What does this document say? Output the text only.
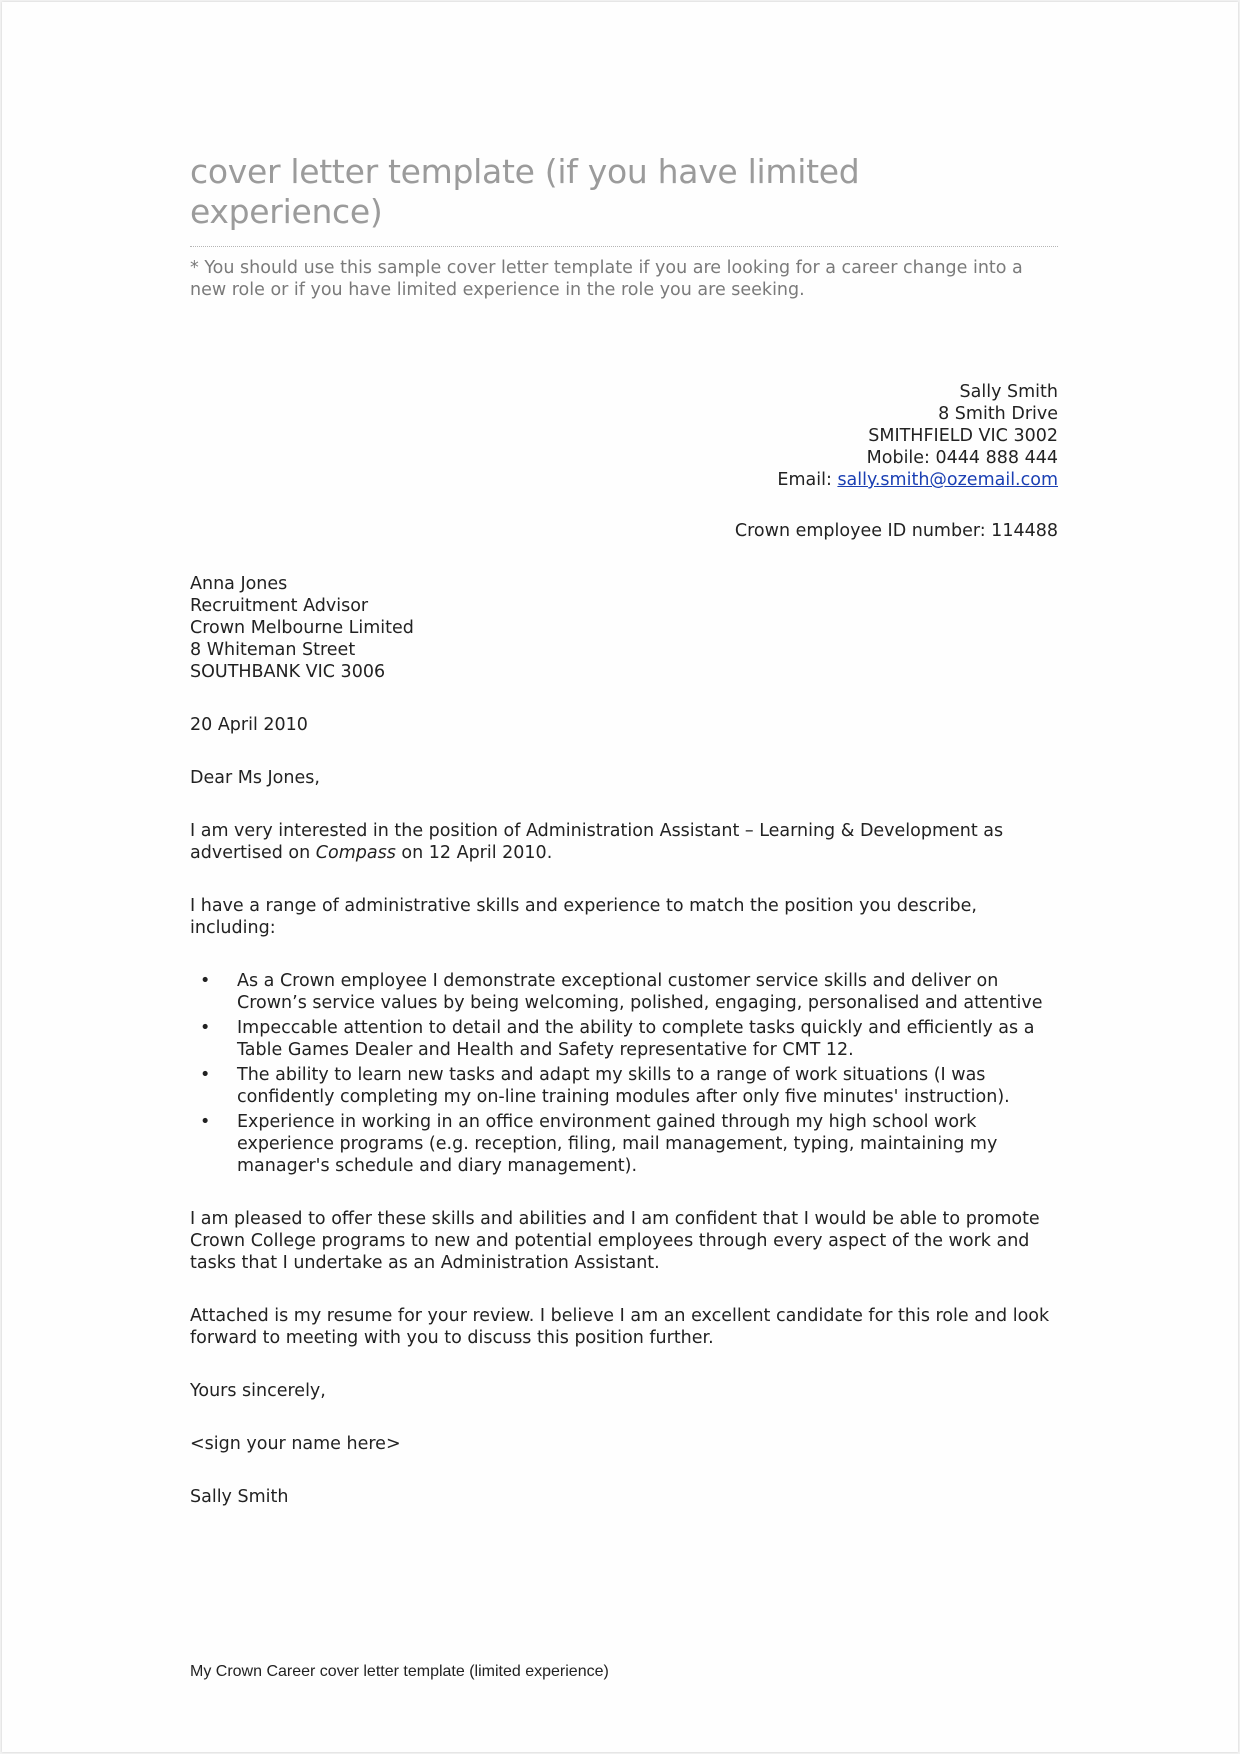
cover letter template (if you have limited experience)
* You should use this sample cover letter template if you are looking for a career change into a new role or if you have limited experience in the role you are seeking.
Sally Smith
8 Smith Drive
SMITHFIELD VIC 3002
Mobile: 0444 888 444
Email: sally.smith@ozemail.com
Crown employee ID number: 114488
Anna Jones
Recruitment Advisor
Crown Melbourne Limited
8 Whiteman Street
SOUTHBANK VIC 3006
20 April 2010
Dear Ms Jones,
I am very interested in the position of Administration Assistant – Learning & Development as advertised on Compass on 12 April 2010.
I have a range of administrative skills and experience to match the position you describe, including:
• As a Crown employee I demonstrate exceptional customer service skills and deliver on Crown’s service values by being welcoming, polished, engaging, personalised and attentive
• Impeccable attention to detail and the ability to complete tasks quickly and efficiently as a Table Games Dealer and Health and Safety representative for CMT 12.
• The ability to learn new tasks and adapt my skills to a range of work situations (I was confidently completing my on-line training modules after only five minutes' instruction).
• Experience in working in an office environment gained through my high school work experience programs (e.g. reception, filing, mail management, typing, maintaining my manager's schedule and diary management).
I am pleased to offer these skills and abilities and I am confident that I would be able to promote Crown College programs to new and potential employees through every aspect of the work and tasks that I undertake as an Administration Assistant.
Attached is my resume for your review. I believe I am an excellent candidate for this role and look forward to meeting with you to discuss this position further.
Yours sincerely,
<sign your name here>
Sally Smith
My Crown Career cover letter template (limited experience)
